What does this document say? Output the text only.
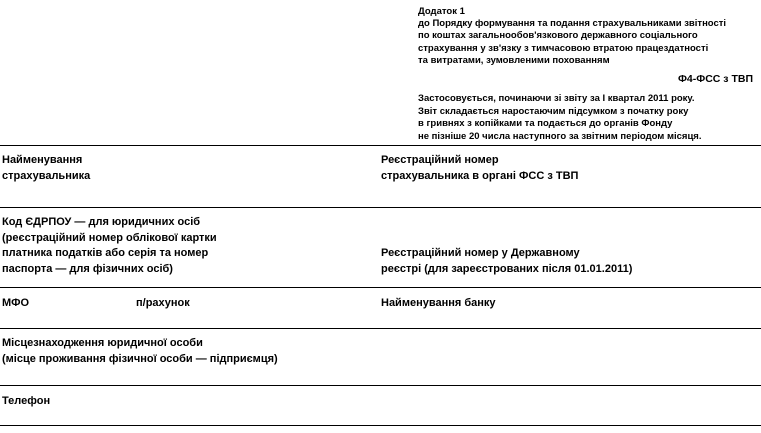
Додаток 1
до Порядку формування та подання страхувальниками звітності
по коштах загальнообов'язкового державного соціального
страхування у зв'язку з тимчасовою втратою працездатності
та витратами, зумовленими похованням
Ф4-ФСС з ТВП
Застосовується, починаючи зі звіту за I квартал 2011 року.
Звіт складається наростаючим підсумком з початку року
в гривнях з копійками та подається до органів Фонду
не пізніше 20 числа наступного за звітним періодом місяця.
Найменування
страхувальника
Реєстраційний номер
страхувальника в органі ФСС з ТВП
Код ЄДРПОУ — для юридичних осіб
(реєстраційний номер облікової картки
платника податків або серія та номер
паспорта — для фізичних осіб)
Реєстраційний номер у Державному
реєстрі (для зареєстрованих після 01.01.2011)
МФО	п/рахунок	Найменування банку
Місцезнаходження юридичної особи
(місце проживання фізичної особи — підприємця)
Телефон
